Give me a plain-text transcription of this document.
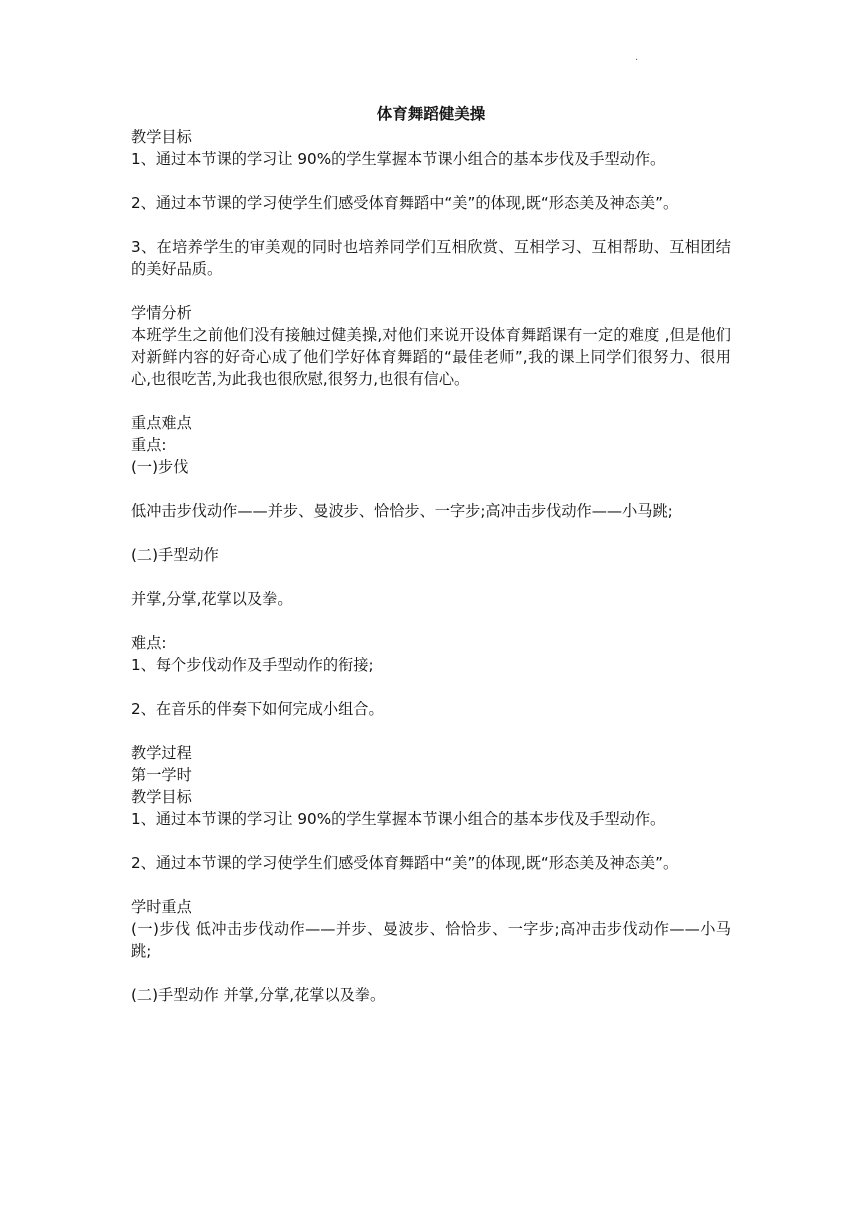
.
体育舞蹈健美操
教学目标
1、通过本节课的学习让 90%的学生掌握本节课小组合的基本步伐及手型动作。
2、通过本节课的学习使学生们感受体育舞蹈中“美”的体现,既“形态美及神态美”。
3、在培养学生的审美观的同时也培养同学们互相欣赏、互相学习、互相帮助、互相团结的美好品质。
学情分析
本班学生之前他们没有接触过健美操,对他们来说开设体育舞蹈课有一定的难度 ,但是他们对新鲜内容的好奇心成了他们学好体育舞蹈的“最佳老师”,我的课上同学们很努力、很用心,也很吃苦,为此我也很欣慰,很努力,也很有信心。
重点难点
重点:
(一)步伐
低冲击步伐动作——并步、曼波步、恰恰步、一字步;高冲击步伐动作——小马跳;
(二)手型动作
并掌,分掌,花掌以及拳。
难点:
1、每个步伐动作及手型动作的衔接;
2、在音乐的伴奏下如何完成小组合。
教学过程
第一学时
教学目标
1、通过本节课的学习让 90%的学生掌握本节课小组合的基本步伐及手型动作。
2、通过本节课的学习使学生们感受体育舞蹈中“美”的体现,既“形态美及神态美”。
学时重点
(一)步伐 低冲击步伐动作——并步、曼波步、恰恰步、一字步;高冲击步伐动作——小马跳;
(二)手型动作 并掌,分掌,花掌以及拳。
